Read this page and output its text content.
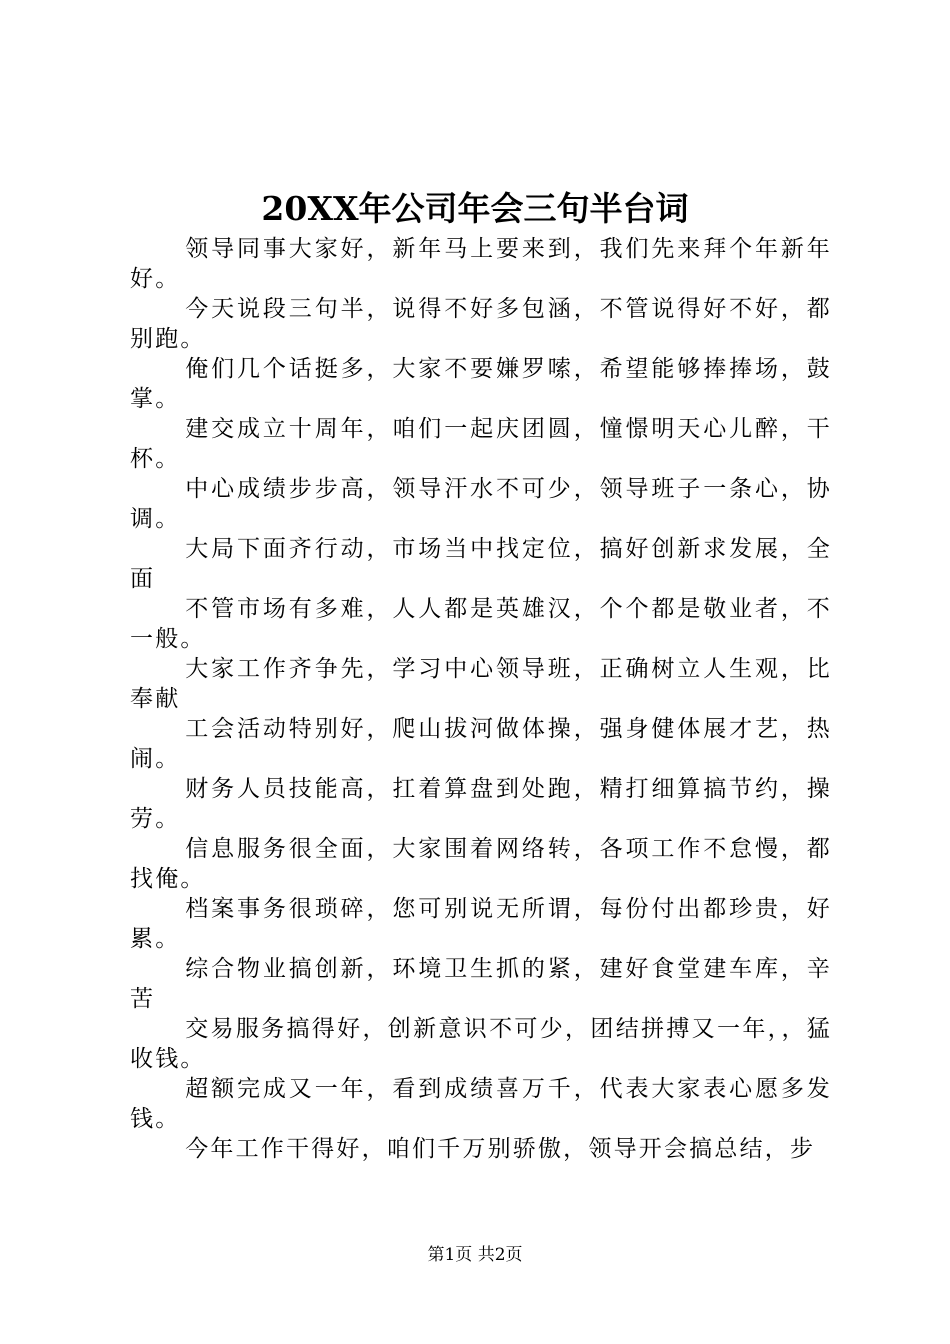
20XX年公司年会三句半台词

领导同事大家好，新年马上要来到，我们先来拜个年新年好。

今天说段三句半，说得不好多包涵，不管说得好不好，都别跑。

俺们几个话挺多，大家不要嫌罗嗦，希望能够捧捧场，鼓掌。

建交成立十周年，咱们一起庆团圆，憧憬明天心儿醉，干杯。

中心成绩步步高，领导汗水不可少，领导班子一条心，协调。

大局下面齐行动，市场当中找定位，搞好创新求发展，全面

不管市场有多难，人人都是英雄汉，个个都是敬业者，不一般。

大家工作齐争先，学习中心领导班，正确树立人生观，比奉献

工会活动特别好，爬山拔河做体操，强身健体展才艺，热闹。

财务人员技能高，扛着算盘到处跑，精打细算搞节约，操劳。

信息服务很全面，大家围着网络转，各项工作不怠慢，都找俺。

档案事务很琐碎，您可别说无所谓，每份付出都珍贵，好累。

综合物业搞创新，环境卫生抓的紧，建好食堂建车库，辛苦

交易服务搞得好，创新意识不可少，团结拼搏又一年，，猛收钱。

超额完成又一年，看到成绩喜万千，代表大家表心愿多发钱。

今年工作干得好，咱们千万别骄傲，领导开会搞总结，步

第1页 共2页
